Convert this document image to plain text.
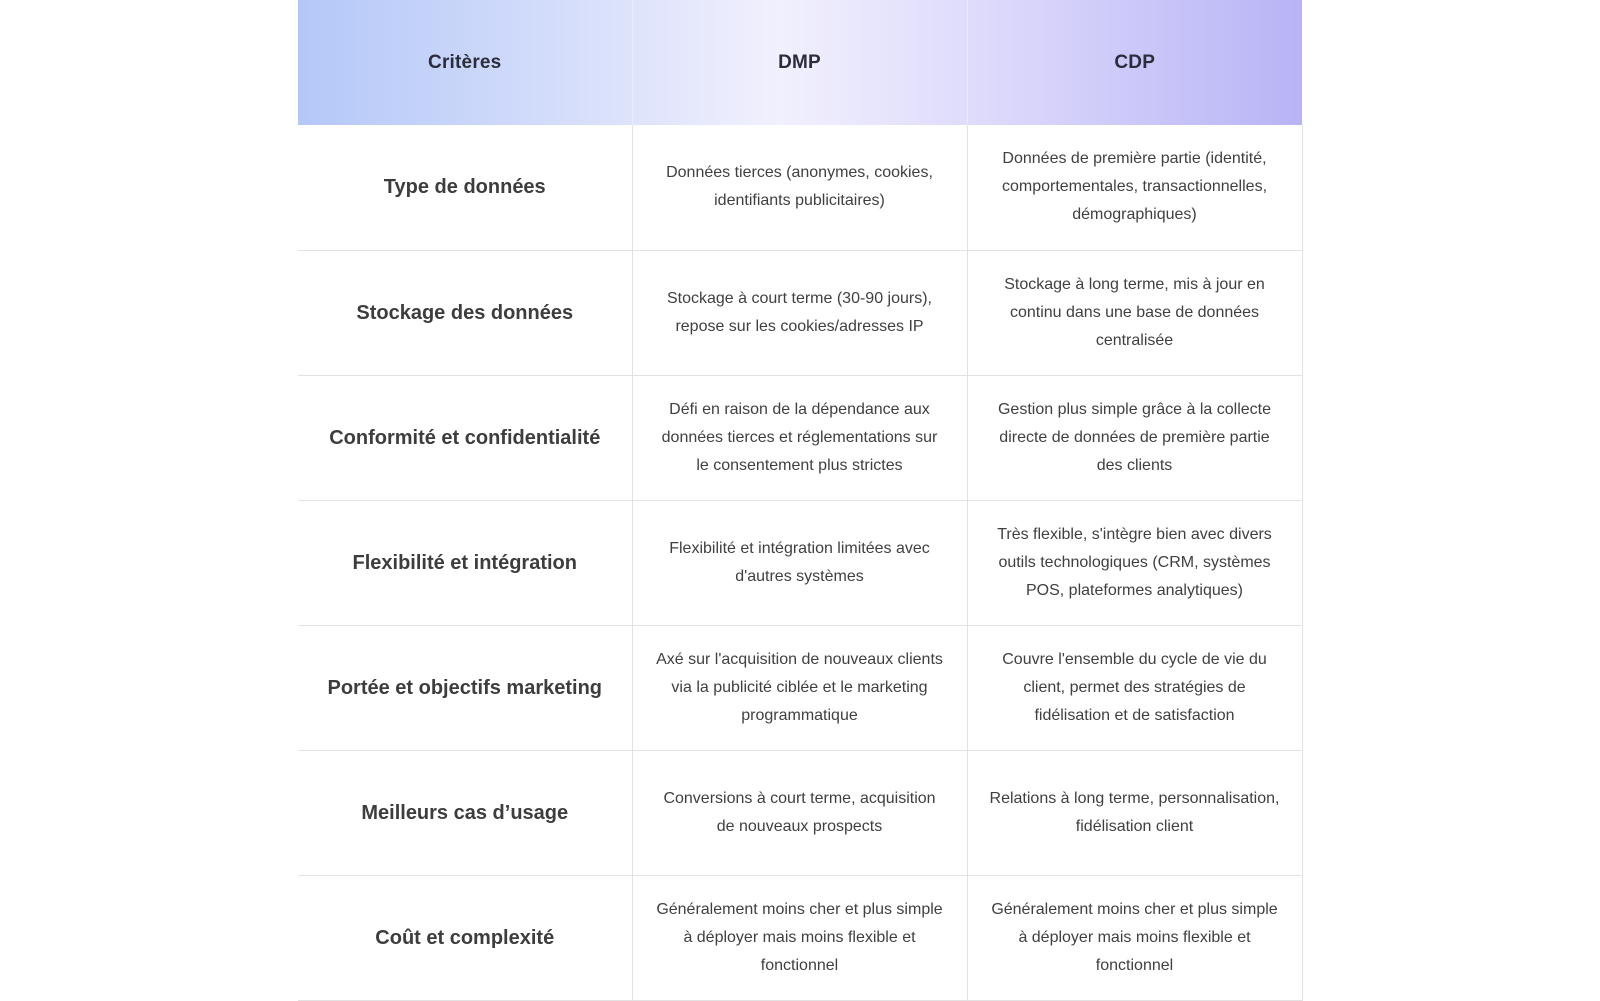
Critères	DMP	CDP
Type de données	Données tierces (anonymes, cookies, identifiants publicitaires)	Données de première partie (identité, comportementales, transactionnelles, démographiques)
Stockage des données	Stockage à court terme (30-90 jours), repose sur les cookies/adresses IP	Stockage à long terme, mis à jour en continu dans une base de données centralisée
Conformité et confidentialité	Défi en raison de la dépendance aux données tierces et réglementations sur le consentement plus strictes	Gestion plus simple grâce à la collecte directe de données de première partie des clients
Flexibilité et intégration	Flexibilité et intégration limitées avec d'autres systèmes	Très flexible, s'intègre bien avec divers outils technologiques (CRM, systèmes POS, plateformes analytiques)
Portée et objectifs marketing	Axé sur l'acquisition de nouveaux clients via la publicité ciblée et le marketing programmatique	Couvre l'ensemble du cycle de vie du client, permet des stratégies de fidélisation et de satisfaction
Meilleurs cas d’usage	Conversions à court terme, acquisition de nouveaux prospects	Relations à long terme, personnalisation, fidélisation client
Coût et complexité	Généralement moins cher et plus simple à déployer mais moins flexible et fonctionnel	Généralement moins cher et plus simple à déployer mais moins flexible et fonctionnel
